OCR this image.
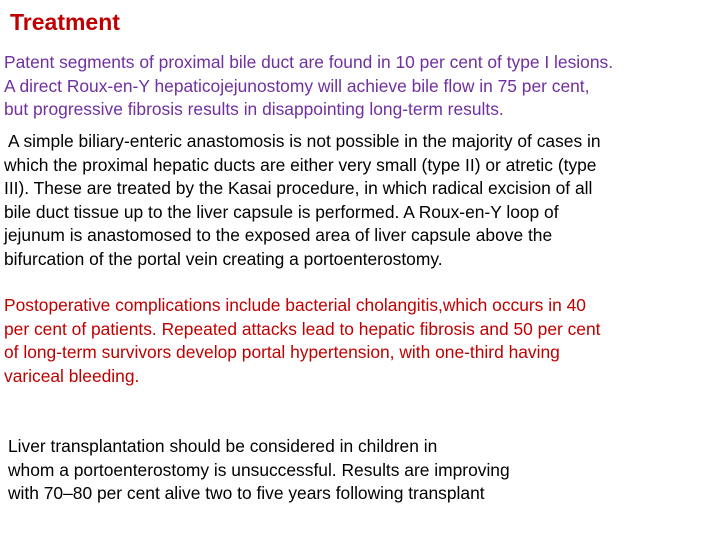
Treatment
Patent segments of proximal bile duct are found in 10 per cent of type I lesions.
A direct Roux-en-Y hepaticojejunostomy will achieve bile flow in 75 per cent,
but progressive fibrosis results in disappointing long-term results.
A simple biliary-enteric anastomosis is not possible in the majority of cases in
which the proximal hepatic ducts are either very small (type II) or atretic (type
III). These are treated by the Kasai procedure, in which radical excision of all
bile duct tissue up to the liver capsule is performed. A Roux-en-Y loop of
jejunum is anastomosed to the exposed area of liver capsule above the
bifurcation of the portal vein creating a portoenterostomy.
Postoperative complications include bacterial cholangitis,which occurs in 40
per cent of patients. Repeated attacks lead to hepatic fibrosis and 50 per cent
of long-term survivors develop portal hypertension, with one-third having
variceal bleeding.
Liver transplantation should be considered in children in
whom a portoenterostomy is unsuccessful. Results are improving
with 70–80 per cent alive two to five years following transplant
